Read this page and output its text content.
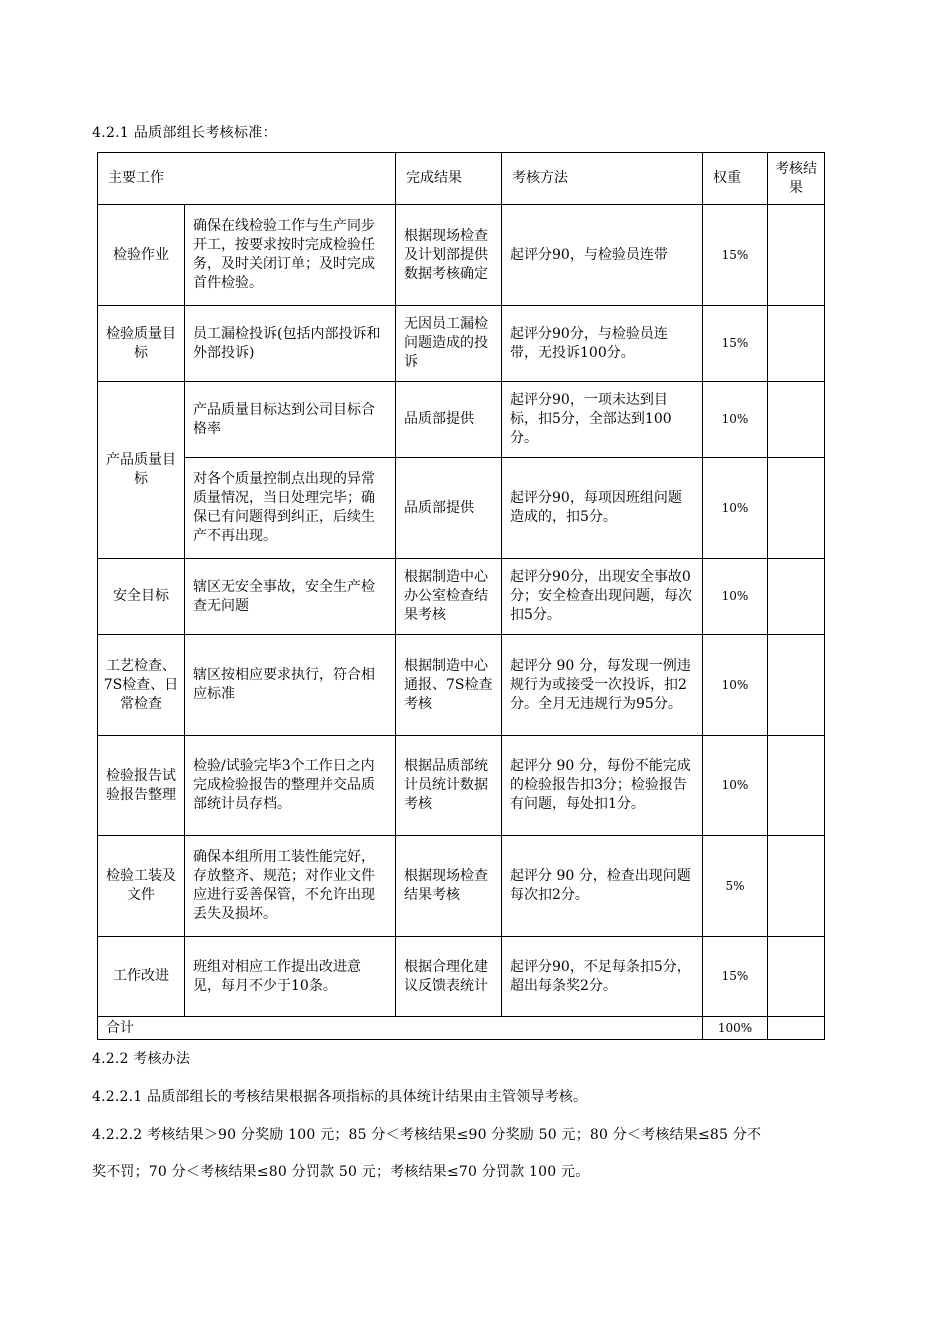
4.2.1 品质部组长考核标准：
主要工作		完成结果	考核方法	权重	考核结果
检验作业	确保在线检验工作与生产同步开工，按要求按时完成检验任务，及时关闭订单；及时完成首件检验。	根据现场检查及计划部提供数据考核确定	起评分90，与检验员连带	15%	
检验质量目标	员工漏检投诉(包括内部投诉和外部投诉)	无因员工漏检问题造成的投诉	起评分90分，与检验员连带，无投诉100分。	15%	
产品质量目标	产品质量目标达到公司目标合格率	品质部提供	起评分90，一项未达到目标，扣5分，全部达到100分。	10%	
	对各个质量控制点出现的异常质量情况，当日处理完毕；确保已有问题得到纠正，后续生产不再出现。	品质部提供	起评分90，每项因班组问题造成的，扣5分。	10%	
安全目标	辖区无安全事故，安全生产检查无问题	根据制造中心办公室检查结果考核	起评分90分，出现安全事故0分；安全检查出现问题，每次扣5分。	10%	
工艺检查、7S检查、日常检查	辖区按相应要求执行，符合相应标准	根据制造中心通报、7S检查考核	起评分 90 分，每发现一例违规行为或接受一次投诉，扣2分。全月无违规行为95分。	10%	
检验报告试验报告整理	检验/试验完毕3个工作日之内完成检验报告的整理并交品质部统计员存档。	根据品质部统计员统计数据考核	起评分 90 分，每份不能完成的检验报告扣3分；检验报告有问题，每处扣1分。	10%	
检验工装及文件	确保本组所用工装性能完好，存放整齐、规范；对作业文件应进行妥善保管，不允许出现丢失及损坏。	根据现场检查结果考核	起评分 90 分，检查出现问题每次扣2分。	5%	
工作改进	班组对相应工作提出改进意见，每月不少于10条。	根据合理化建议反馈表统计	起评分90，不足每条扣5分，超出每条奖2分。	15%	
合计				100%	
4.2.2 考核办法
4.2.2.1 品质部组长的考核结果根据各项指标的具体统计结果由主管领导考核。
4.2.2.2 考核结果＞90 分奖励 100 元；85 分＜考核结果≤90 分奖励 50 元；80 分＜考核结果≤85 分不
奖不罚；70 分＜考核结果≤80 分罚款 50 元；考核结果≤70 分罚款 100 元。
